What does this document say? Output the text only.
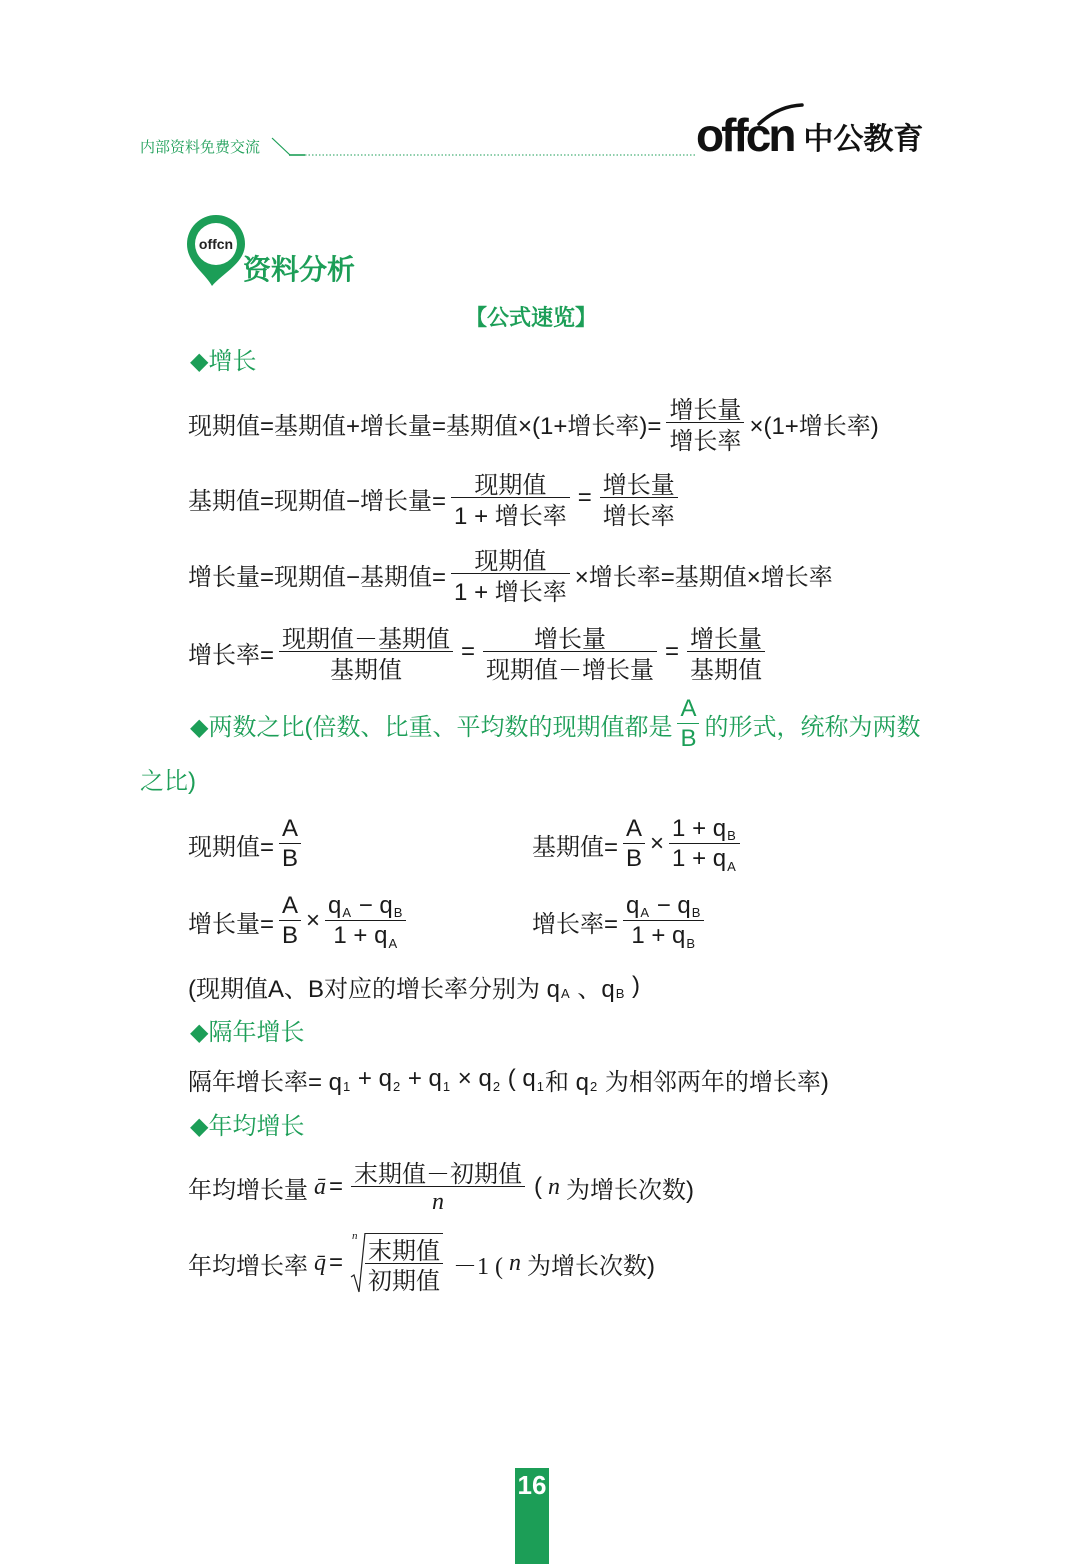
内部资料免费交流	offcn 中公教育
offcn
资料分析
【公式速览】
◆增长
现期值=基期值+增长量=基期值×(1+增长率)= $\frac{\text{增长量}}{\text{增长率}} \times(1+$增长率)
基期值=现期值−增长量= $\frac{\text{现期值}}{\text{1 + 增长率}} = \frac{\text{增长量}}{\text{增长率}}$
增长量=现期值−基期值= $\frac{\text{现期值}}{\text{1 + 增长率}}$ ×增长率=基期值×增长率
增长率= $\frac{\text{现期值－基期值}}{\text{基期值}} = \frac{\text{增长量}}{\text{现期值－增长量}} = \frac{\text{增长量}}{\text{基期值}}$
◆两数之比(倍数、比重、平均数的现期值都是 $\frac{A}{B}$ 的形式，统称为两数
之比)
现期值= $\frac{A}{B}$	基期值= $\frac{A}{B} \times \frac{\text{1 + q B}}{\text{1 + q A}}$
增长量= $\frac{A}{B} \times \frac{\text{q A − q B}}{\text{1 + q A}}$	增长率= $\frac{\text{q A − q B}}{\text{1 + q B}}$
(现期值A、B对应的增长率分别为 q A 、q B )
◆隔年增长
隔年增长率= q 1 + q 2 + q 1 × q 2 ( q 1 和 q 2 为相邻两年的增长率)
◆年均增长
年均增长量 ā = $\frac{\text{末期值－初期值}}{n}$ ( n 为增长次数)
年均增长率 q̄ =
n $\frac{\text{末期值}}{\text{初期值}} -1$ ( n 为增长次数)
16
